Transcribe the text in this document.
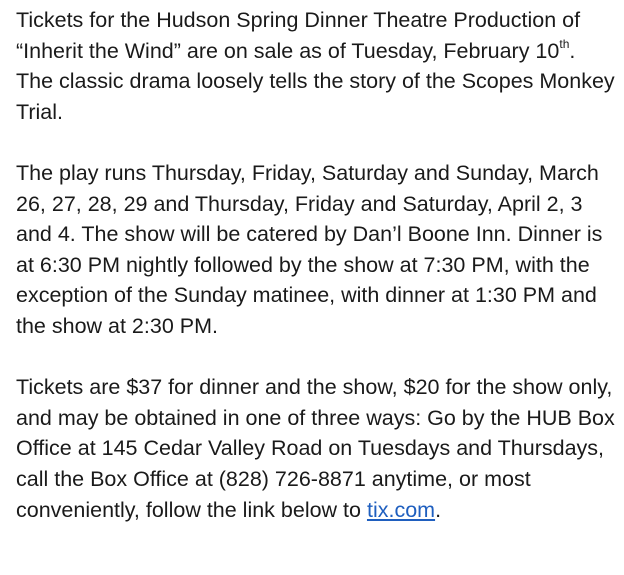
Tickets for the Hudson Spring Dinner Theatre Production of “Inherit the Wind” are on sale as of Tuesday, February 10th. The classic drama loosely tells the story of the Scopes Monkey Trial.

The play runs Thursday, Friday, Saturday and Sunday, March 26, 27, 28, 29 and Thursday, Friday and Saturday, April 2, 3 and 4. The show will be catered by Dan’l Boone Inn. Dinner is at 6:30 PM nightly followed by the show at 7:30 PM, with the exception of the Sunday matinee, with dinner at 1:30 PM and the show at 2:30 PM.

Tickets are $37 for dinner and the show, $20 for the show only, and may be obtained in one of three ways: Go by the HUB Box Office at 145 Cedar Valley Road on Tuesdays and Thursdays, call the Box Office at (828) 726-8871 anytime, or most conveniently, follow the link below to tix.com.
